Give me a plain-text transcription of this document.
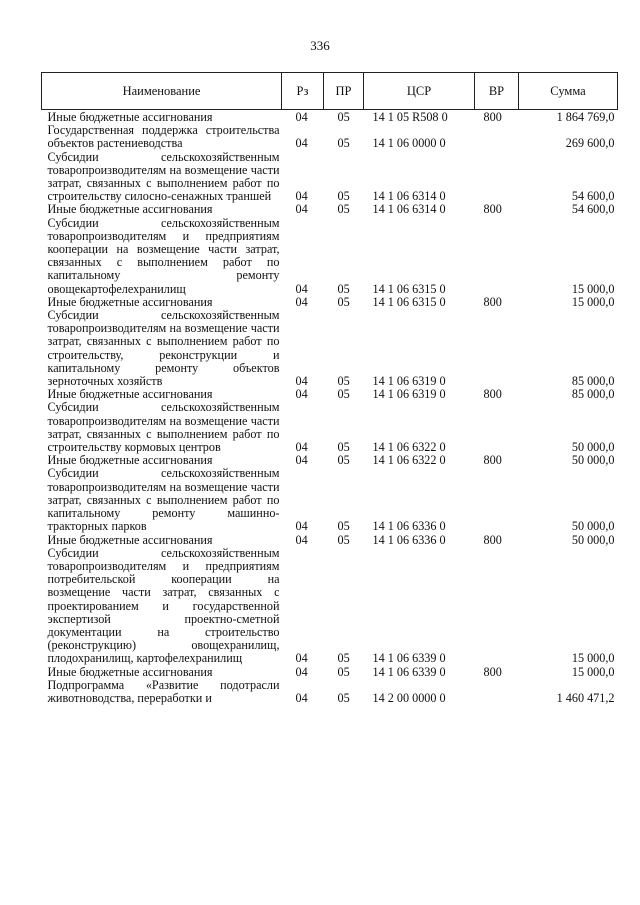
336
Наименование	Рз	ПР	ЦСР	ВР	Сумма
Иные бюджетные ассигнования	04	05	14 1 05 R508 0	800	1 864 769,0
Государственная поддержка строительства объектов растениеводства	04	05	14 1 06 0000 0		269 600,0
Субсидии сельскохозяйственным товаропроизводителям на возмещение части затрат, связанных с выполнением работ по строительству силосно-сенажных траншей	04	05	14 1 06 6314 0		54 600,0
Иные бюджетные ассигнования	04	05	14 1 06 6314 0	800	54 600,0
Субсидии сельскохозяйственным товаропроизводителям и предприятиям кооперации на возмещение части затрат, связанных с выполнением работ по капитальному ремонту овощекартофелехранилищ	04	05	14 1 06 6315 0		15 000,0
Иные бюджетные ассигнования	04	05	14 1 06 6315 0	800	15 000,0
Субсидии сельскохозяйственным товаропроизводителям на возмещение части затрат, связанных с выполнением работ по строительству, реконструкции и капитальному ремонту объектов зерноточных хозяйств	04	05	14 1 06 6319 0		85 000,0
Иные бюджетные ассигнования	04	05	14 1 06 6319 0	800	85 000,0
Субсидии сельскохозяйственным товаропроизводителям на возмещение части затрат, связанных с выполнением работ по строительству кормовых центров	04	05	14 1 06 6322 0		50 000,0
Иные бюджетные ассигнования	04	05	14 1 06 6322 0	800	50 000,0
Субсидии сельскохозяйственным товаропроизводителям на возмещение части затрат, связанных с выполнением работ по капитальному ремонту машинно-тракторных парков	04	05	14 1 06 6336 0		50 000,0
Иные бюджетные ассигнования	04	05	14 1 06 6336 0	800	50 000,0
Субсидии сельскохозяйственным товаропроизводителям и предприятиям потребительской кооперации на возмещение части затрат, связанных с проектированием и государственной экспертизой проектно-сметной документации на строительство (реконструкцию) овощехранилищ, плодохранилищ, картофелехранилищ	04	05	14 1 06 6339 0		15 000,0
Иные бюджетные ассигнования	04	05	14 1 06 6339 0	800	15 000,0
Подпрограмма «Развитие подотрасли животноводства, переработки и	04	05	14 2 00 0000 0		1 460 471,2
